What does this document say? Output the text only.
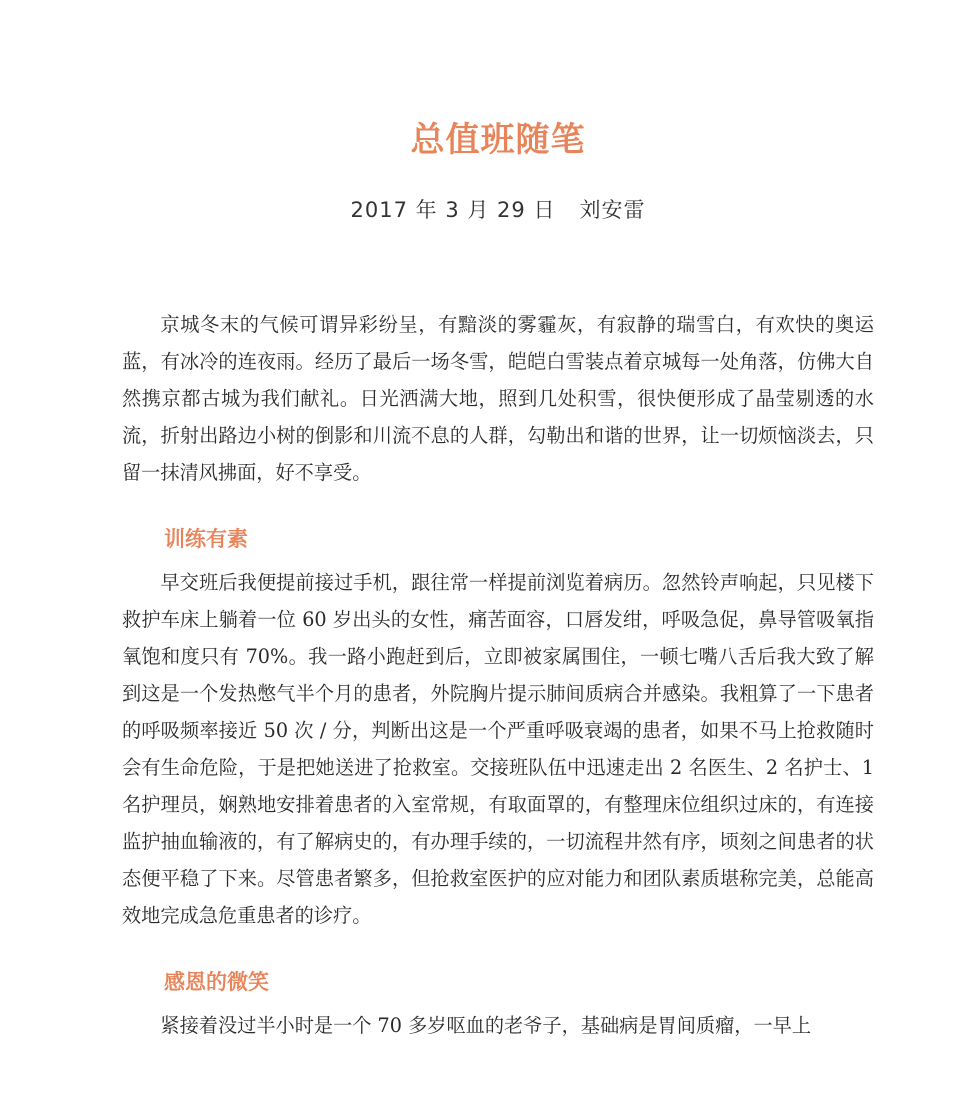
总值班随笔
2017 年 3 月 29 日 刘安雷

京城冬末的气候可谓异彩纷呈，有黯淡的雾霾灰，有寂静的瑞雪白，有欢快的奥运蓝，有冰冷的连夜雨。经历了最后一场冬雪，皑皑白雪装点着京城每一处角落，仿佛大自然携京都古城为我们献礼。日光洒满大地，照到几处积雪，很快便形成了晶莹剔透的水流，折射出路边小树的倒影和川流不息的人群，勾勒出和谐的世界，让一切烦恼淡去，只留一抹清风拂面，好不享受。

训练有素

早交班后我便提前接过手机，跟往常一样提前浏览着病历。忽然铃声响起，只见楼下救护车床上躺着一位 60 岁出头的女性，痛苦面容，口唇发绀，呼吸急促，鼻导管吸氧指氧饱和度只有 70%。我一路小跑赶到后，立即被家属围住，一顿七嘴八舌后我大致了解到这是一个发热憋气半个月的患者，外院胸片提示肺间质病合并感染。我粗算了一下患者的呼吸频率接近 50 次 / 分，判断出这是一个严重呼吸衰竭的患者，如果不马上抢救随时会有生命危险，于是把她送进了抢救室。交接班队伍中迅速走出 2 名医生、2 名护士、1 名护理员，娴熟地安排着患者的入室常规，有取面罩的，有整理床位组织过床的，有连接监护抽血输液的，有了解病史的，有办理手续的，一切流程井然有序，顷刻之间患者的状态便平稳了下来。尽管患者繁多，但抢救室医护的应对能力和团队素质堪称完美，总能高效地完成急危重患者的诊疗。

感恩的微笑

紧接着没过半小时是一个 70 多岁呕血的老爷子，基础病是胃间质瘤，一早上
